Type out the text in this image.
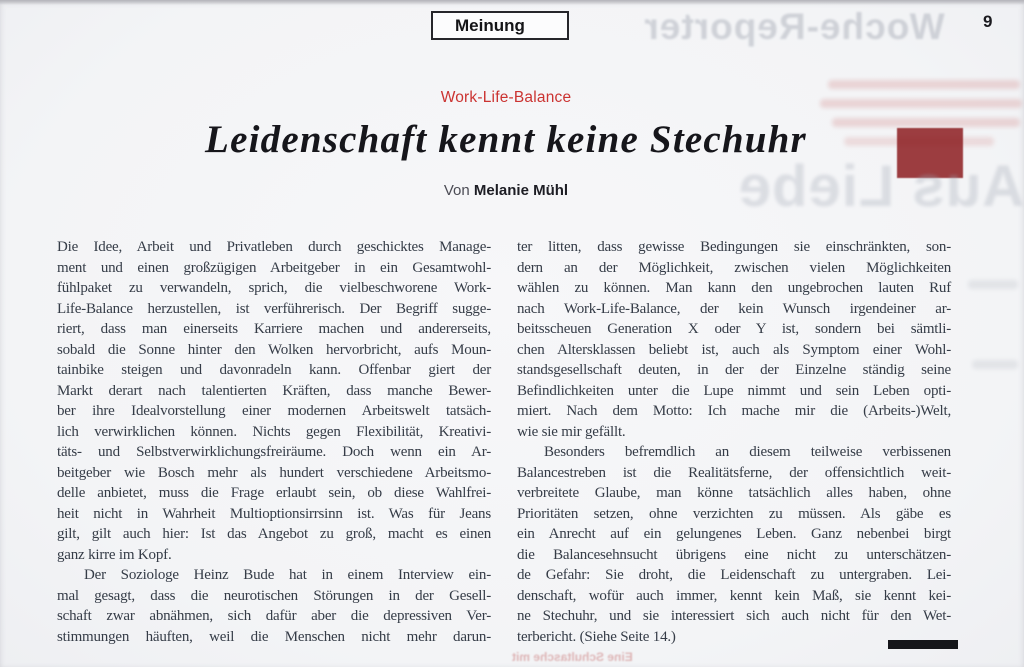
Woche-Reporter
Aus Liebe
Eine Schultasche mit
Meinung	9
Work-Life-Balance
Leidenschaft kennt keine Stechuhr
Von Melanie Mühl
Die Idee, Arbeit und Privatleben durch geschicktes Manage-
ment und einen großzügigen Arbeitgeber in ein Gesamtwohl-
fühlpaket zu verwandeln, sprich, die vielbeschworene Work-
Life-Balance herzustellen, ist verführerisch. Der Begriff sugge-
riert, dass man einerseits Karriere machen und andererseits,
sobald die Sonne hinter den Wolken hervorbricht, aufs Moun-
tainbike steigen und davonradeln kann. Offenbar giert der
Markt derart nach talentierten Kräften, dass manche Bewer-
ber ihre Idealvorstellung einer modernen Arbeitswelt tatsäch-
lich verwirklichen können. Nichts gegen Flexibilität, Kreativi-
täts- und Selbstverwirklichungsfreiräume. Doch wenn ein Ar-
beitgeber wie Bosch mehr als hundert verschiedene Arbeitsmo-
delle anbietet, muss die Frage erlaubt sein, ob diese Wahlfrei-
heit nicht in Wahrheit Multioptionsirrsinn ist. Was für Jeans
gilt, gilt auch hier: Ist das Angebot zu groß, macht es einen
ganz kirre im Kopf.
Der Soziologe Heinz Bude hat in einem Interview ein-
mal gesagt, dass die neurotischen Störungen in der Gesell-
schaft zwar abnähmen, sich dafür aber die depressiven Ver-
stimmungen häuften, weil die Menschen nicht mehr darun-
ter litten, dass gewisse Bedingungen sie einschränkten, son-
dern an der Möglichkeit, zwischen vielen Möglichkeiten
wählen zu können. Man kann den ungebrochen lauten Ruf
nach Work-Life-Balance, der kein Wunsch irgendeiner ar-
beitsscheuen Generation X oder Y ist, sondern bei sämtli-
chen Altersklassen beliebt ist, auch als Symptom einer Wohl-
standsgesellschaft deuten, in der der Einzelne ständig seine
Befindlichkeiten unter die Lupe nimmt und sein Leben opti-
miert. Nach dem Motto: Ich mache mir die (Arbeits-)Welt,
wie sie mir gefällt.
Besonders befremdlich an diesem teilweise verbissenen
Balancestreben ist die Realitätsferne, der offensichtlich weit-
verbreitete Glaube, man könne tatsächlich alles haben, ohne
Prioritäten setzen, ohne verzichten zu müssen. Als gäbe es
ein Anrecht auf ein gelungenes Leben. Ganz nebenbei birgt
die Balancesehnsucht übrigens eine nicht zu unterschätzen-
de Gefahr: Sie droht, die Leidenschaft zu untergraben. Lei-
denschaft, wofür auch immer, kennt kein Maß, sie kennt kei-
ne Stechuhr, und sie interessiert sich auch nicht für den Wet-
terbericht. (Siehe Seite 14.)
